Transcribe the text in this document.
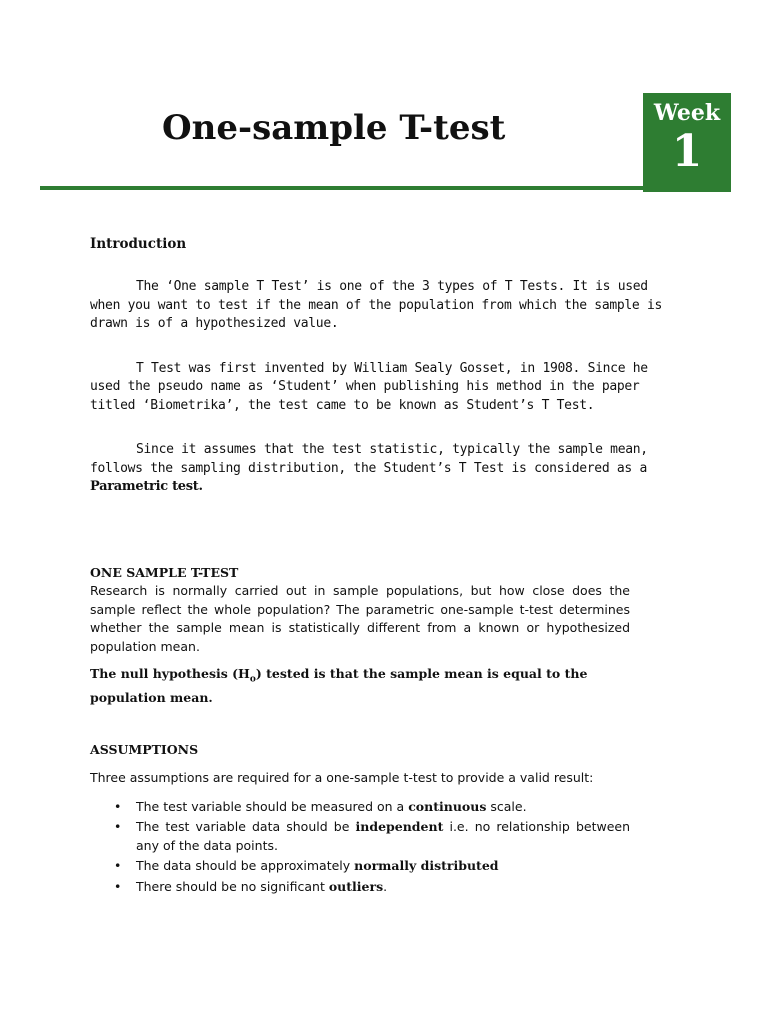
One-sample T-test	Week
1

Introduction

The ‘One sample T Test’ is one of the 3 types of T Tests. It is used when you want to test if the mean of the population from which the sample is drawn is of a hypothesized value.

T Test was first invented by William Sealy Gosset, in 1908. Since he used the pseudo name as ‘Student’ when publishing his method in the paper titled ‘Biometrika’, the test came to be known as Student’s T Test.

Since it assumes that the test statistic, typically the sample mean, follows the sampling distribution, the Student’s T Test is considered as a Parametric test.

ONE SAMPLE T-TEST

Research is normally carried out in sample populations, but how close does the sample reflect the whole population? The parametric one-sample t-test determines whether the sample mean is statistically different from a known or hypothesized population mean.

The null hypothesis $(H_o)$ tested is that the sample mean is equal to the population mean.

ASSUMPTIONS

Three assumptions are required for a one-sample t-test to provide a valid result:

• The test variable should be measured on a continuous scale.
• The test variable data should be independent i.e. no relationship between any of the data points.
• The data should be approximately normally distributed
• There should be no significant outliers.
